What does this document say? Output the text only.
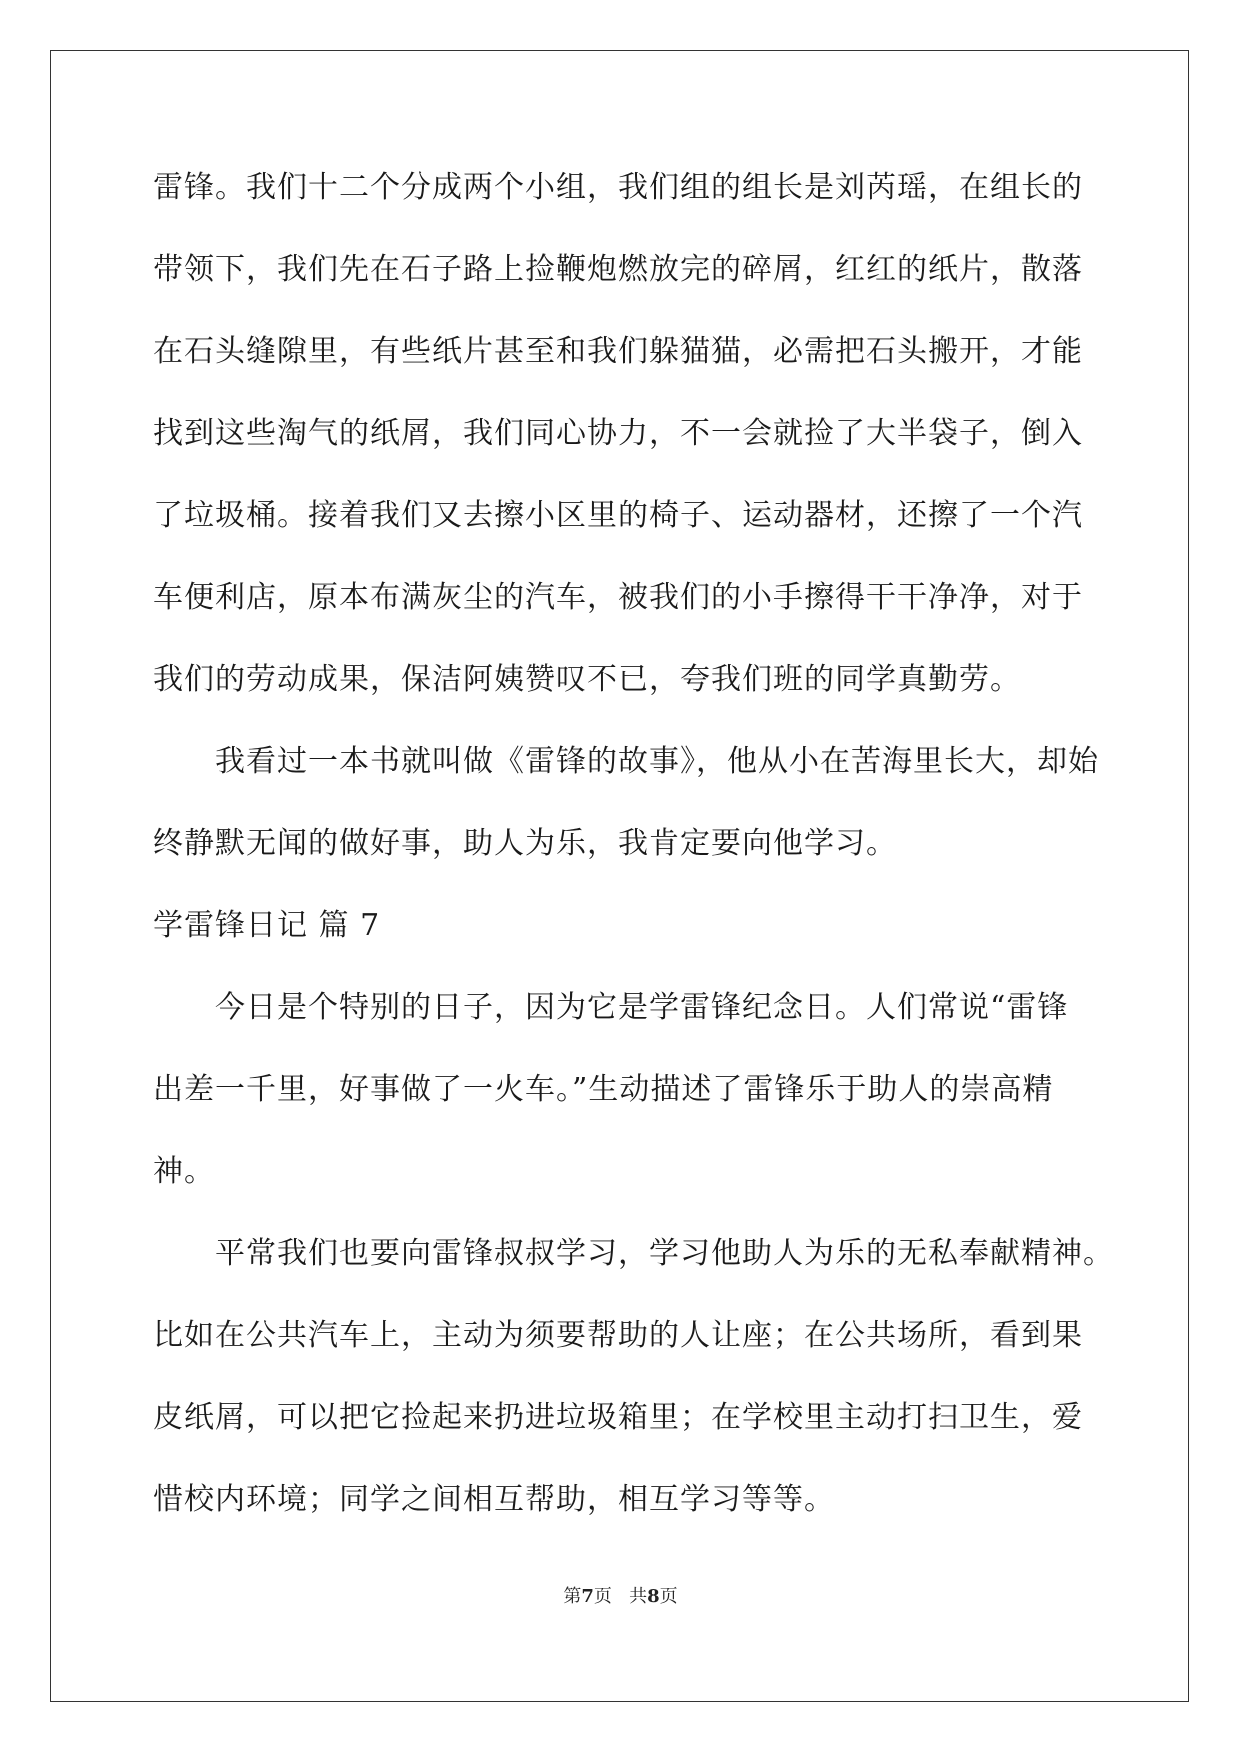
雷锋。我们十二个分成两个小组，我们组的组长是刘芮瑶，在组长的
带领下，我们先在石子路上捡鞭炮燃放完的碎屑，红红的纸片，散落
在石头缝隙里，有些纸片甚至和我们躲猫猫，必需把石头搬开，才能
找到这些淘气的纸屑，我们同心协力，不一会就捡了大半袋子，倒入
了垃圾桶。接着我们又去擦小区里的椅子、运动器材，还擦了一个汽
车便利店，原本布满灰尘的汽车，被我们的小手擦得干干净净，对于
我们的劳动成果，保洁阿姨赞叹不已，夸我们班的同学真勤劳。
我看过一本书就叫做《雷锋的故事》，他从小在苦海里长大，却始
终静默无闻的做好事，助人为乐，我肯定要向他学习。
学雷锋日记 篇 7
今日是个特别的日子，因为它是学雷锋纪念日。人们常说“雷锋
出差一千里，好事做了一火车。”生动描述了雷锋乐于助人的崇高精
神。
平常我们也要向雷锋叔叔学习，学习他助人为乐的无私奉献精神。
比如在公共汽车上，主动为须要帮助的人让座；在公共场所，看到果
皮纸屑，可以把它捡起来扔进垃圾箱里；在学校里主动打扫卫生，爱
惜校内环境；同学之间相互帮助，相互学习等等。
第7页 共8页
